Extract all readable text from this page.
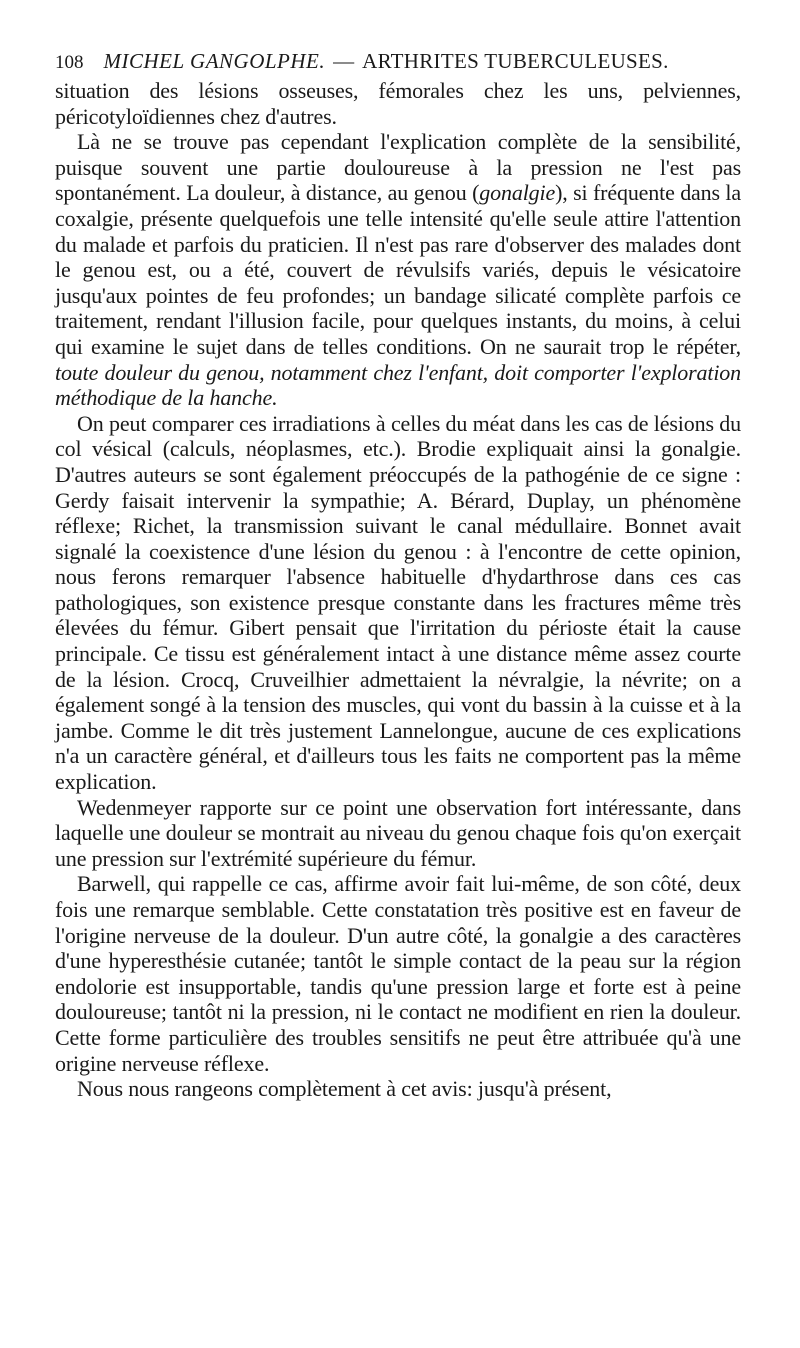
108 MICHEL GANGOLPHE. — ARTHRITES TUBERCULEUSES.

situation des lésions osseuses, fémorales chez les uns, pelviennes, péricotyloïdiennes chez d'autres.

Là ne se trouve pas cependant l'explication complète de la sensibilité, puisque souvent une partie douloureuse à la pression ne l'est pas spontanément. La douleur, à distance, au genou (gonalgie), si fréquente dans la coxalgie, présente quelquefois une telle intensité qu'elle seule attire l'attention du malade et parfois du praticien. Il n'est pas rare d'observer des malades dont le genou est, ou a été, couvert de révulsifs variés, depuis le vésicatoire jusqu'aux pointes de feu profondes; un bandage silicaté complète parfois ce traitement, rendant l'illusion facile, pour quelques instants, du moins, à celui qui examine le sujet dans de telles conditions. On ne saurait trop le répéter, toute douleur du genou, notamment chez l'enfant, doit comporter l'exploration méthodique de la hanche.

On peut comparer ces irradiations à celles du méat dans les cas de lésions du col vésical (calculs, néoplasmes, etc.). Brodie expliquait ainsi la gonalgie. D'autres auteurs se sont également préoccupés de la pathogénie de ce signe : Gerdy faisait intervenir la sympathie; A. Bérard, Duplay, un phénomène réflexe; Richet, la transmission suivant le canal médullaire. Bonnet avait signalé la coexistence d'une lésion du genou : à l'encontre de cette opinion, nous ferons remarquer l'absence habituelle d'hydarthrose dans ces cas pathologiques, son existence presque constante dans les fractures même très élevées du fémur. Gibert pensait que l'irritation du périoste était la cause principale. Ce tissu est généralement intact à une distance même assez courte de la lésion. Crocq, Cruveilhier admettaient la névralgie, la névrite; on a également songé à la tension des muscles, qui vont du bassin à la cuisse et à la jambe. Comme le dit très justement Lannelongue, aucune de ces explications n'a un caractère général, et d'ailleurs tous les faits ne comportent pas la même explication.

Wedenmeyer rapporte sur ce point une observation fort intéressante, dans laquelle une douleur se montrait au niveau du genou chaque fois qu'on exerçait une pression sur l'extrémité supérieure du fémur.

Barwell, qui rappelle ce cas, affirme avoir fait lui-même, de son côté, deux fois une remarque semblable. Cette constatation très positive est en faveur de l'origine nerveuse de la douleur. D'un autre côté, la gonalgie a des caractères d'une hyperesthésie cutanée; tantôt le simple contact de la peau sur la région endolorie est insupportable, tandis qu'une pression large et forte est à peine douloureuse; tantôt ni la pression, ni le contact ne modifient en rien la douleur. Cette forme particulière des troubles sensitifs ne peut être attribuée qu'à une origine nerveuse réflexe.

Nous nous rangeons complètement à cet avis: jusqu'à présent,
